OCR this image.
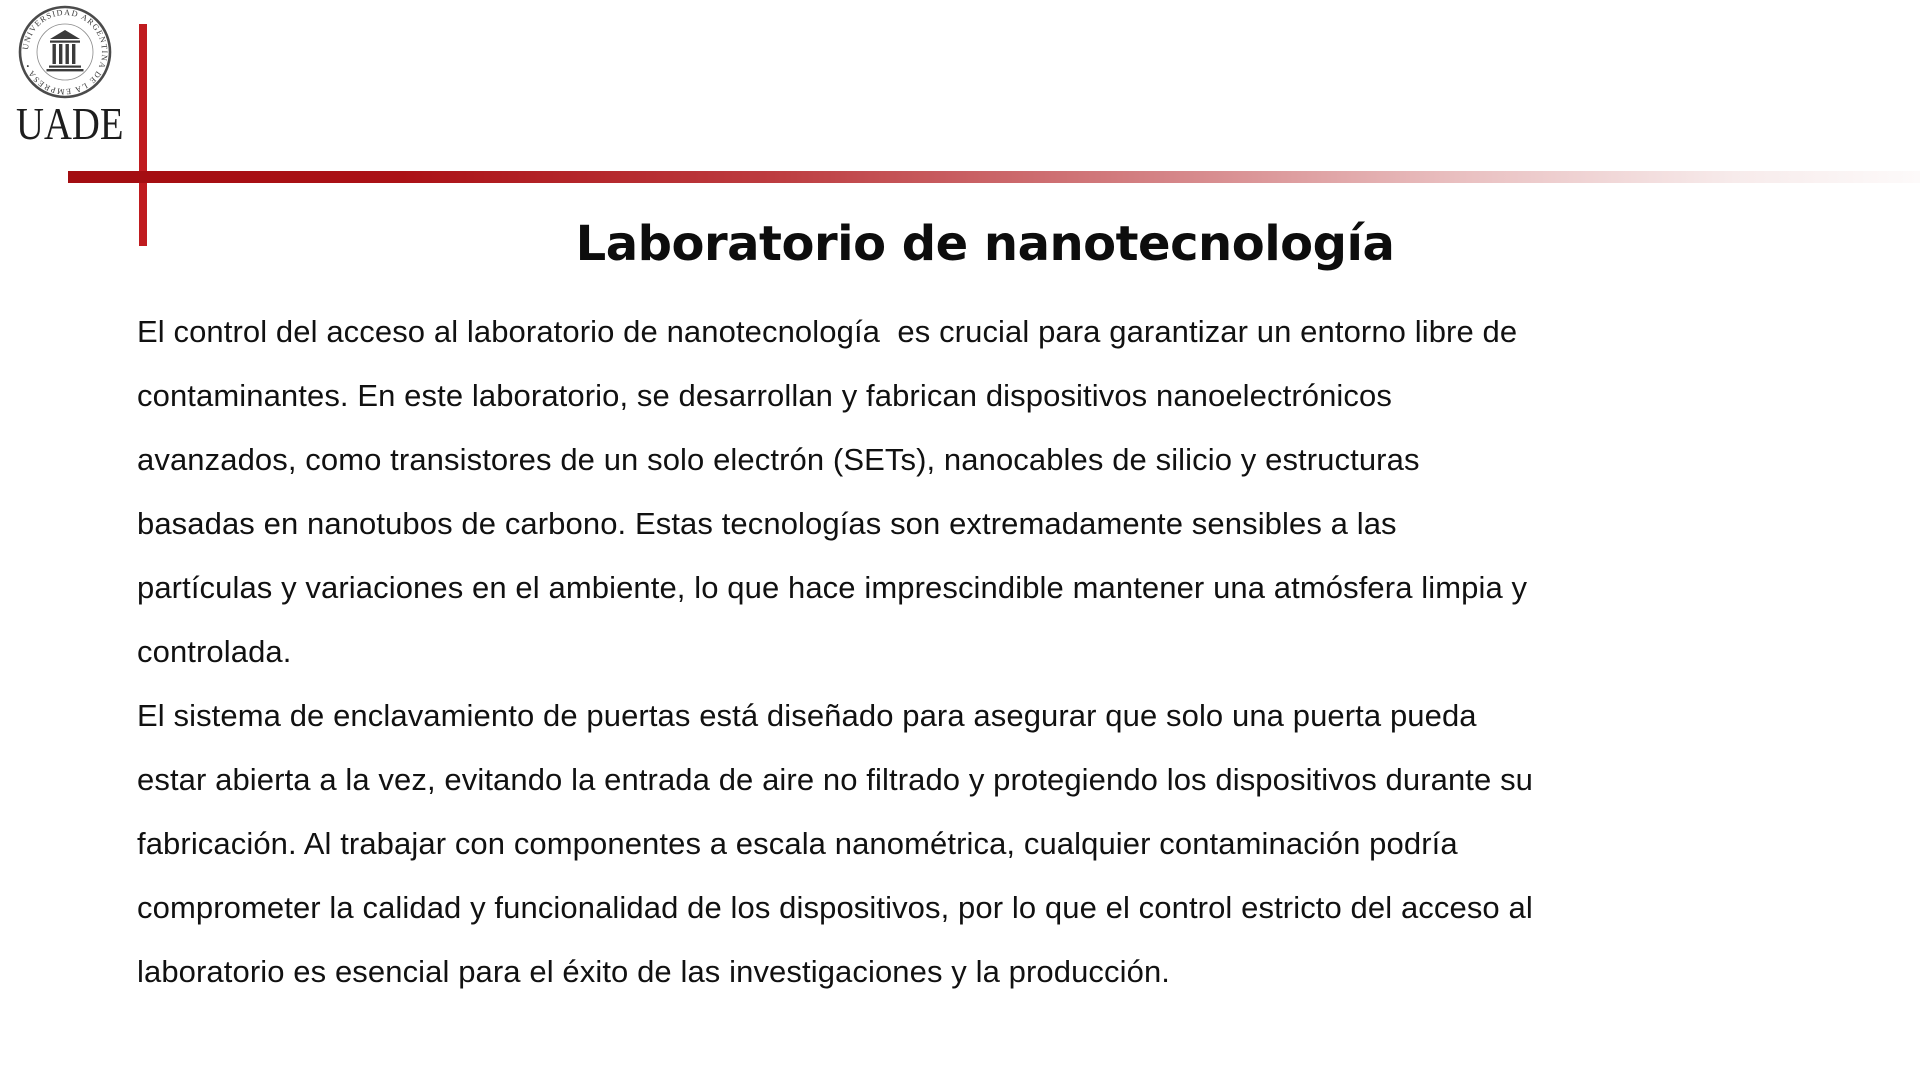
UNIVERSIDAD ARGENTINA DE LA EMPRESA •
UADE
Laboratorio de nanotecnología
El control del acceso al laboratorio de nanotecnología  es crucial para garantizar un entorno libre de
contaminantes. En este laboratorio, se desarrollan y fabrican dispositivos nanoelectrónicos
avanzados, como transistores de un solo electrón (SETs), nanocables de silicio y estructuras
basadas en nanotubos de carbono. Estas tecnologías son extremadamente sensibles a las
partículas y variaciones en el ambiente, lo que hace imprescindible mantener una atmósfera limpia y
controlada.
El sistema de enclavamiento de puertas está diseñado para asegurar que solo una puerta pueda
estar abierta a la vez, evitando la entrada de aire no filtrado y protegiendo los dispositivos durante su
fabricación. Al trabajar con componentes a escala nanométrica, cualquier contaminación podría
comprometer la calidad y funcionalidad de los dispositivos, por lo que el control estricto del acceso al
laboratorio es esencial para el éxito de las investigaciones y la producción.
